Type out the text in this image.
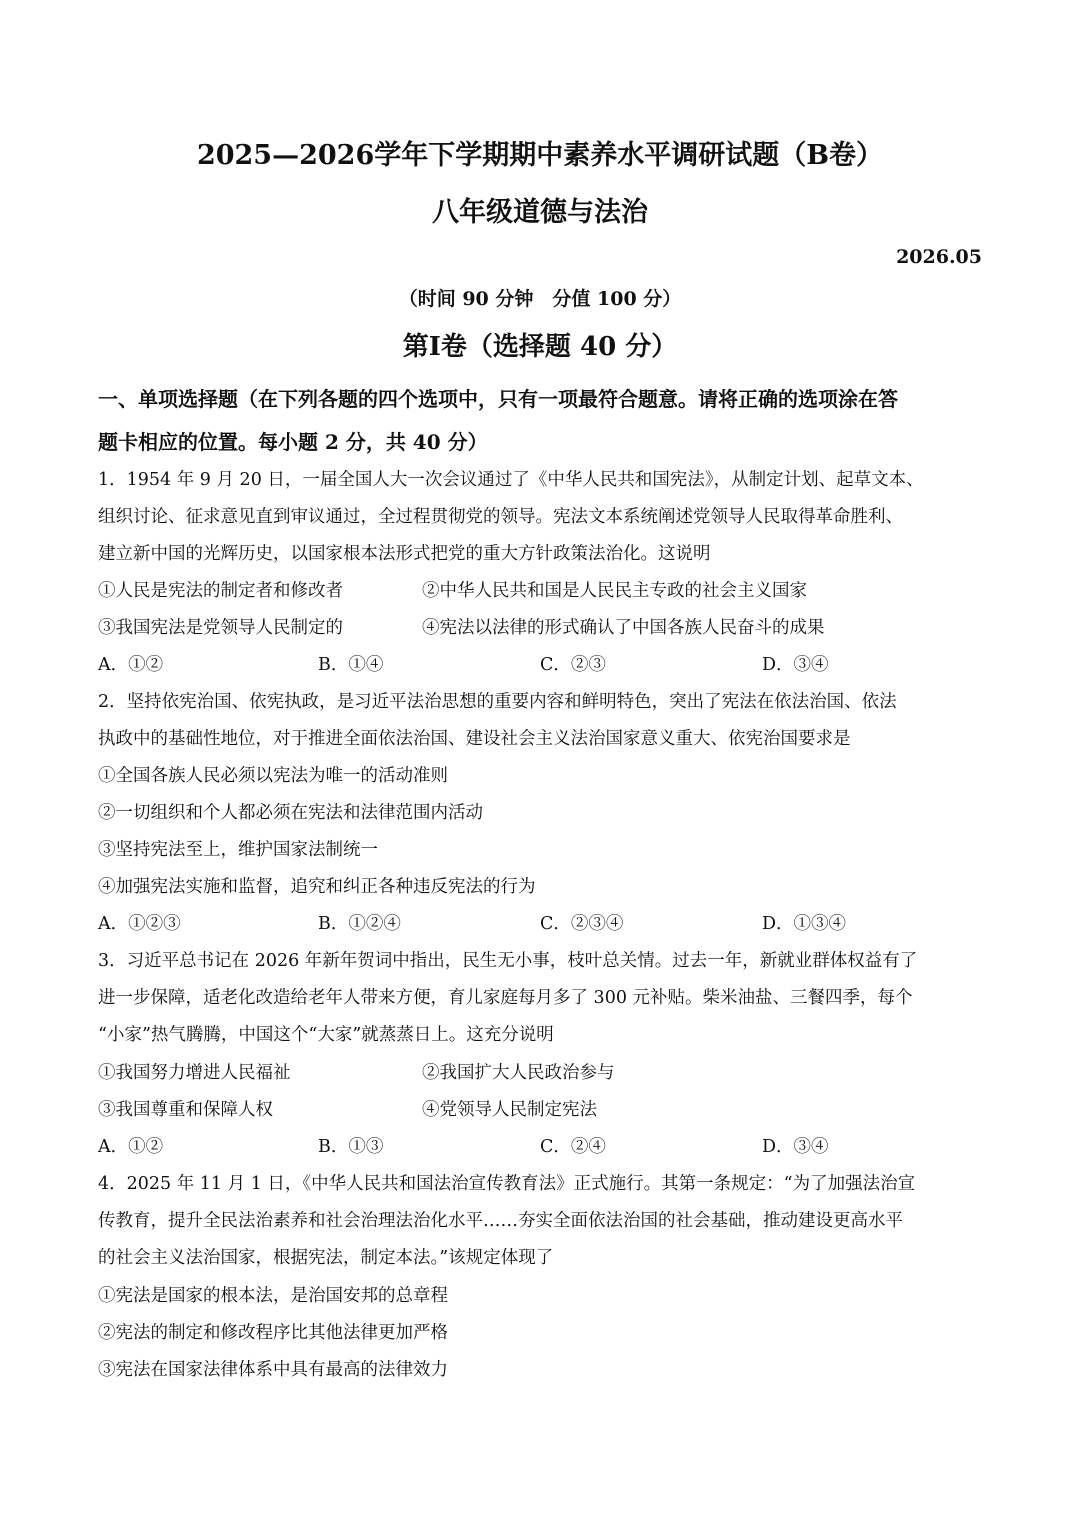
2025—2026学年下学期期中素养水平调研试题（B卷）
八年级道德与法治
2026.05
（时间 90 分钟　分值 100 分）
第Ⅰ卷（选择题 40 分）
一、单项选择题（在下列各题的四个选项中，只有一项最符合题意。请将正确的选项涂在答
题卡相应的位置。每小题 2 分，共 40 分）
1．1954 年 9 月 20 日，一届全国人大一次会议通过了《中华人民共和国宪法》，从制定计划、起草文本、
组织讨论、征求意见直到审议通过，全过程贯彻党的领导。宪法文本系统阐述党领导人民取得革命胜利、
建立新中国的光辉历史，以国家根本法形式把党的重大方针政策法治化。这说明
①人民是宪法的制定者和修改者	②中华人民共和国是人民民主专政的社会主义国家
③我国宪法是党领导人民制定的	④宪法以法律的形式确认了中国各族人民奋斗的成果
A．①②	B．①④	C．②③	D．③④
2．坚持依宪治国、依宪执政，是习近平法治思想的重要内容和鲜明特色，突出了宪法在依法治国、依法
执政中的基础性地位，对于推进全面依法治国、建设社会主义法治国家意义重大、依宪治国要求是
①全国各族人民必须以宪法为唯一的活动准则
②一切组织和个人都必须在宪法和法律范围内活动
③坚持宪法至上，维护国家法制统一
④加强宪法实施和监督，追究和纠正各种违反宪法的行为
A．①②③	B．①②④	C．②③④	D．①③④
3．习近平总书记在 2026 年新年贺词中指出，民生无小事，枝叶总关情。过去一年，新就业群体权益有了
进一步保障，适老化改造给老年人带来方便，育儿家庭每月多了 300 元补贴。柴米油盐、三餐四季，每个
“小家”热气腾腾，中国这个“大家”就蒸蒸日上。这充分说明
①我国努力增进人民福祉	②我国扩大人民政治参与
③我国尊重和保障人权	④党领导人民制定宪法
A．①②	B．①③	C．②④	D．③④
4．2025 年 11 月 1 日，《中华人民共和国法治宣传教育法》正式施行。其第一条规定：“为了加强法治宣
传教育，提升全民法治素养和社会治理法治化水平……夯实全面依法治国的社会基础，推动建设更高水平
的社会主义法治国家，根据宪法，制定本法。”该规定体现了
①宪法是国家的根本法，是治国安邦的总章程
②宪法的制定和修改程序比其他法律更加严格
③宪法在国家法律体系中具有最高的法律效力
